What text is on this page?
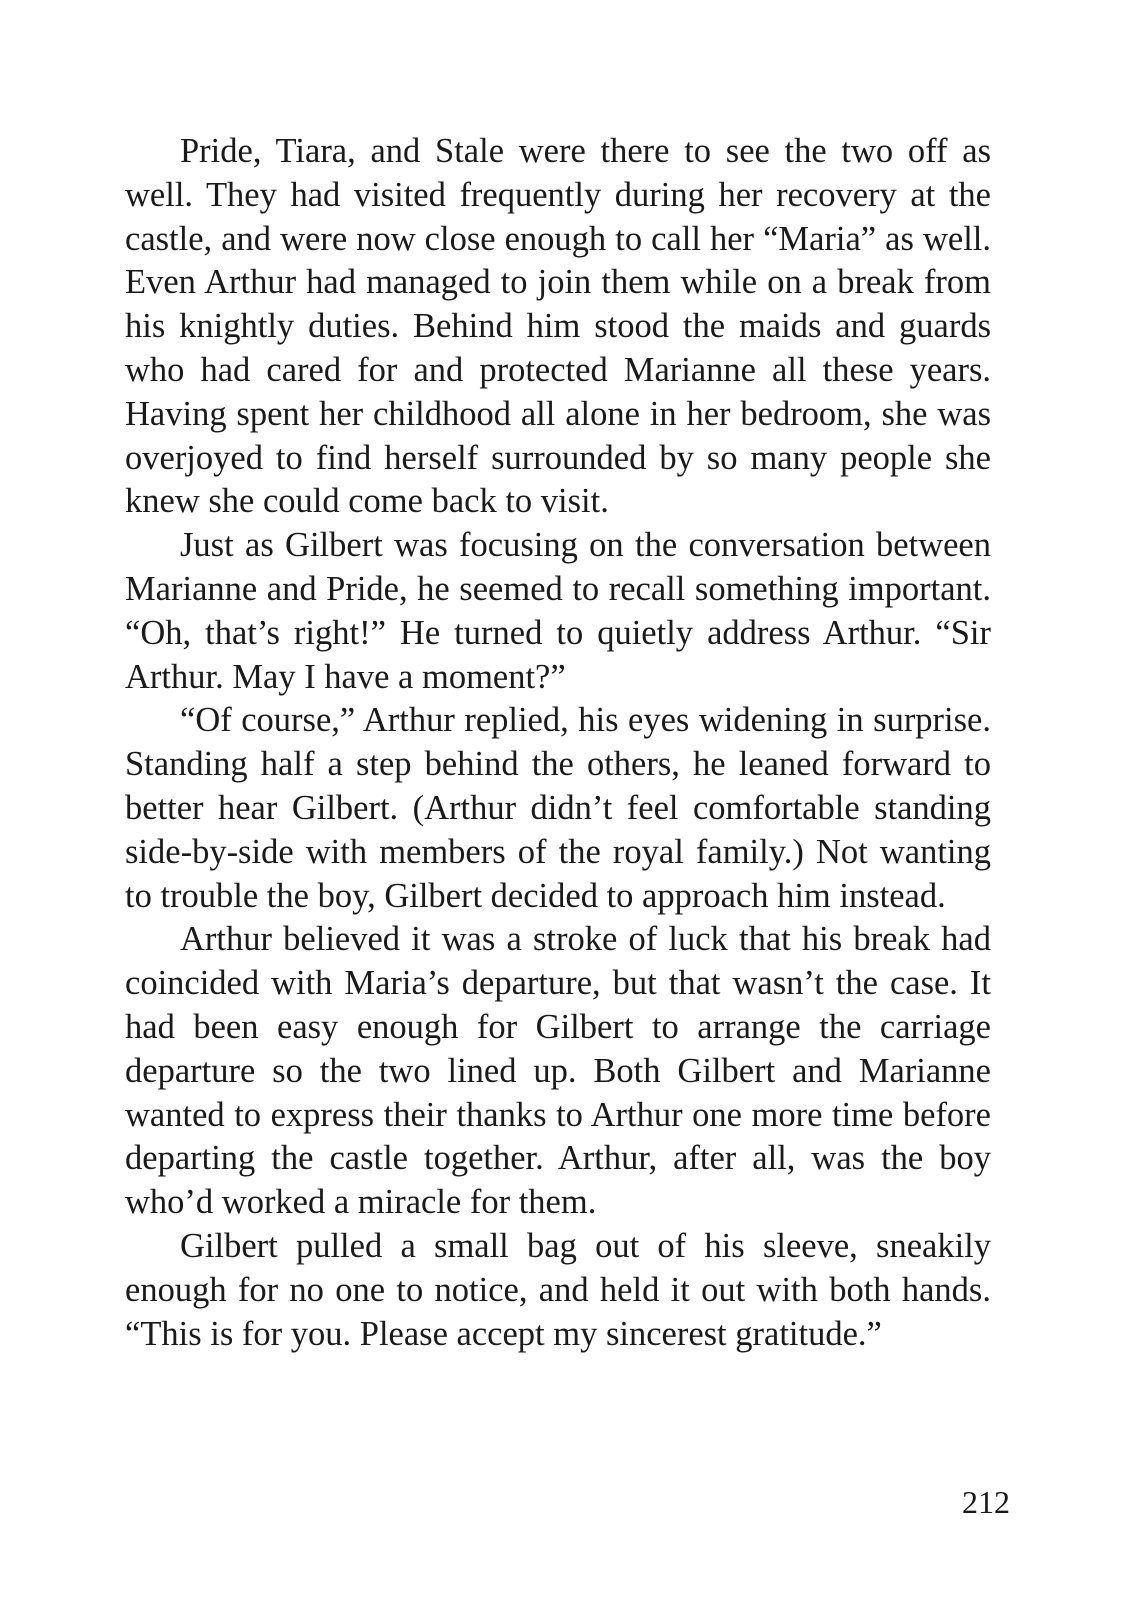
Pride, Tiara, and Stale were there to see the two off as well. They had visited frequently during her recovery at the castle, and were now close enough to call her “Maria” as well. Even Arthur had managed to join them while on a break from his knightly duties. Behind him stood the maids and guards who had cared for and protected Marianne all these years. Having spent her childhood all alone in her bedroom, she was overjoyed to find herself surrounded by so many people she knew she could come back to visit.

Just as Gilbert was focusing on the conversation between Marianne and Pride, he seemed to recall something important. “Oh, that’s right!” He turned to quietly address Arthur. “Sir Arthur. May I have a moment?”

“Of course,” Arthur replied, his eyes widening in surprise. Standing half a step behind the others, he leaned forward to better hear Gilbert. (Arthur didn’t feel comfortable standing side-by-side with members of the royal family.) Not wanting to trouble the boy, Gilbert decided to approach him instead.

Arthur believed it was a stroke of luck that his break had coincided with Maria’s departure, but that wasn’t the case. It had been easy enough for Gilbert to arrange the carriage departure so the two lined up. Both Gilbert and Marianne wanted to express their thanks to Arthur one more time before departing the castle together. Arthur, after all, was the boy who’d worked a miracle for them.

Gilbert pulled a small bag out of his sleeve, sneakily enough for no one to notice, and held it out with both hands. “This is for you. Please accept my sincerest gratitude.”

212
